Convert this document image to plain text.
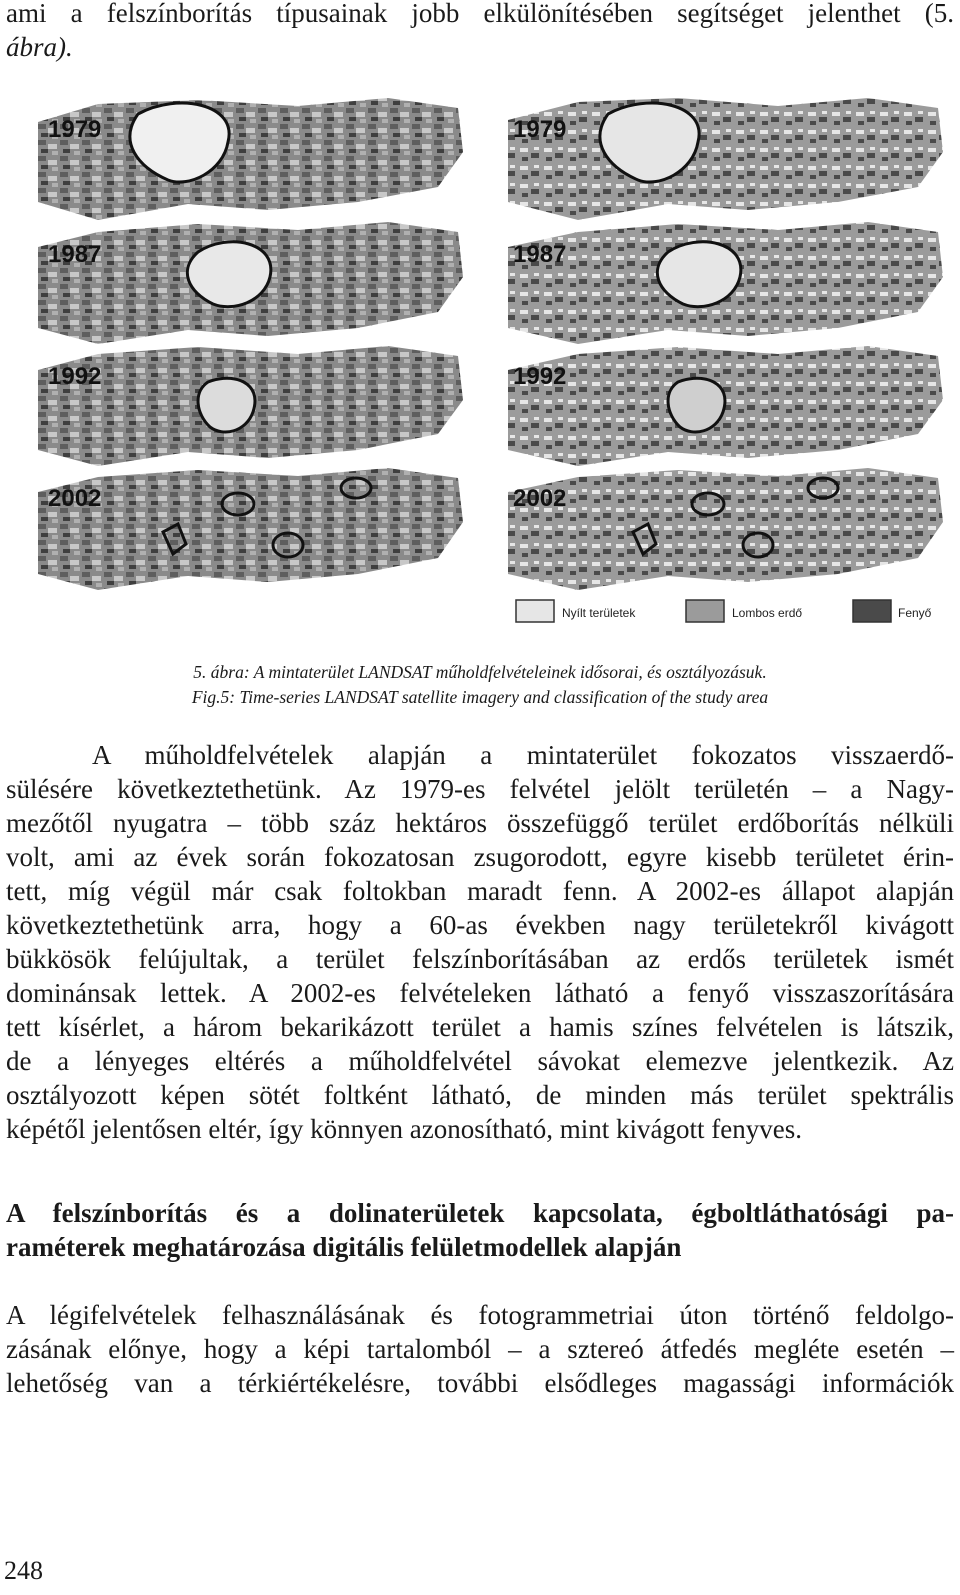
ami a felszínborítás típusainak jobb elkülönítésében segítséget jelenthet (5.
ábra).
1979	1979
1987	1987
1992	1992
2002	2002
Nyílt területek	Lombos erdő	Fenyő
5. ábra: A mintaterület LANDSAT műholdfelvételeinek idősorai, és osztályozásuk.
Fig.5: Time-series LANDSAT satellite imagery and classification of the study area
A műholdfelvételek alapján a mintaterület fokozatos visszaerdő-
sülésére következtethetünk. Az 1979-es felvétel jelölt területén – a Nagy-
mezőtől nyugatra – több száz hektáros összefüggő terület erdőborítás nélküli
volt, ami az évek során fokozatosan zsugorodott, egyre kisebb területet érin-
tett, míg végül már csak foltokban maradt fenn. A 2002-es állapot alapján
következtethetünk arra, hogy a 60-as években nagy területekről kivágott
bükkösök felújultak, a terület felszínborításában az erdős területek ismét
dominánsak lettek. A 2002-es felvételeken látható a fenyő visszaszorítására
tett kísérlet, a három bekarikázott terület a hamis színes felvételen is látszik,
de a lényeges eltérés a műholdfelvétel sávokat elemezve jelentkezik. Az
osztályozott képen sötét foltként látható, de minden más terület spektrális
képétől jelentősen eltér, így könnyen azonosítható, mint kivágott fenyves.
A felszínborítás és a dolinaterületek kapcsolata, égboltláthatósági pa-
raméterek meghatározása digitális felületmodellek alapján
A légifelvételek felhasználásának és fotogrammetriai úton történő feldolgo-
zásának előnye, hogy a képi tartalomból – a sztereó átfedés megléte esetén –
lehetőség van a térkiértékelésre, további elsődleges magassági információk
248
